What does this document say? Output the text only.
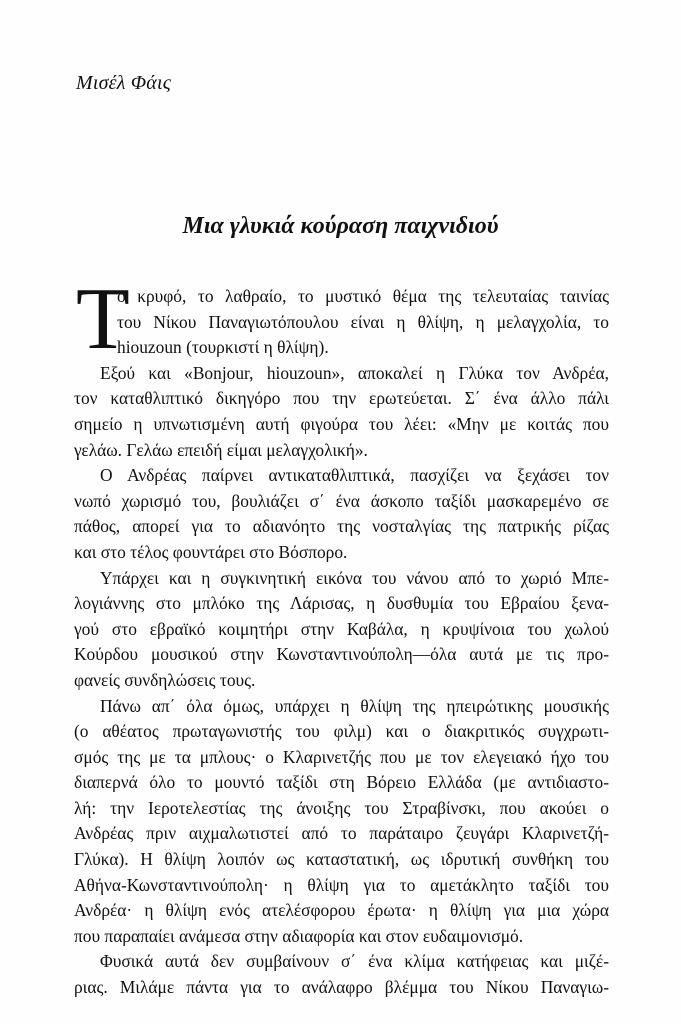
Μισέλ Φάις
Μια γλυκιά κούραση παιχνιδιού
Τ
ο κρυφό, το λαθραίο, το μυστικό θέμα της τελευταίας ταινίας
του Νίκου Παναγιωτόπουλου είναι η θλίψη, η μελαγχολία, το
hiouzoun (τουρκιστί η θλίψη).
Εξού και «Bonjour, hiouzoun», αποκαλεί η Γλύκα τον Ανδρέα,
τον καταθλιπτικό δικηγόρο που την ερωτεύεται. Σ΄ ένα άλλο πάλι
σημείο η υπνωτισμένη αυτή φιγούρα του λέει: «Μην με κοιτάς που
γελάω. Γελάω επειδή είμαι μελαγχολική».
Ο Ανδρέας παίρνει αντικαταθλιπτικά, πασχίζει να ξεχάσει τον
νωπό χωρισμό του, βουλιάζει σ΄ ένα άσκοπο ταξίδι μασκαρεμένο σε
πάθος, απορεί για το αδιανόητο της νοσταλγίας της πατρικής ρίζας
και στο τέλος φουντάρει στο Βόσπορο.
Υπάρχει και η συγκινητική εικόνα του νάνου από το χωριό Μπε-
λογιάννης στο μπλόκο της Λάρισας, η δυσθυμία του Εβραίου ξενα-
γού στο εβραϊκό κοιμητήρι στην Καβάλα, η κρυψίνοια του χωλού
Κούρδου μουσικού στην Κωνσταντινούπολη—όλα αυτά με τις προ-
φανείς συνδηλώσεις τους.
Πάνω απ΄ όλα όμως, υπάρχει η θλίψη της ηπειρώτικης μουσικής
(ο αθέατος πρωταγωνιστής του φιλμ) και ο διακριτικός συγχρωτι-
σμός της με τα μπλους· ο Κλαρινετζής που με τον ελεγειακό ήχο του
διαπερνά όλο το μουντό ταξίδι στη Βόρειο Ελλάδα (με αντιδιαστο-
λή: την Ιεροτελεστίας της άνοιξης του Στραβίνσκι, που ακούει ο
Ανδρέας πριν αιχμαλωτιστεί από το παράταιρο ζευγάρι Κλαρινετζή-
Γλύκα). Η θλίψη λοιπόν ως καταστατική, ως ιδρυτική συνθήκη του
Αθήνα-Κωνσταντινούπολη· η θλίψη για το αμετάκλητο ταξίδι του
Ανδρέα· η θλίψη ενός ατελέσφορου έρωτα· η θλίψη για μια χώρα
που παραπαίει ανάμεσα στην αδιαφορία και στον ευδαιμονισμό.
Φυσικά αυτά δεν συμβαίνουν σ΄ ένα κλίμα κατήφειας και μιζέ-
ριας. Μιλάμε πάντα για το ανάλαφρο βλέμμα του Νίκου Παναγιω-
